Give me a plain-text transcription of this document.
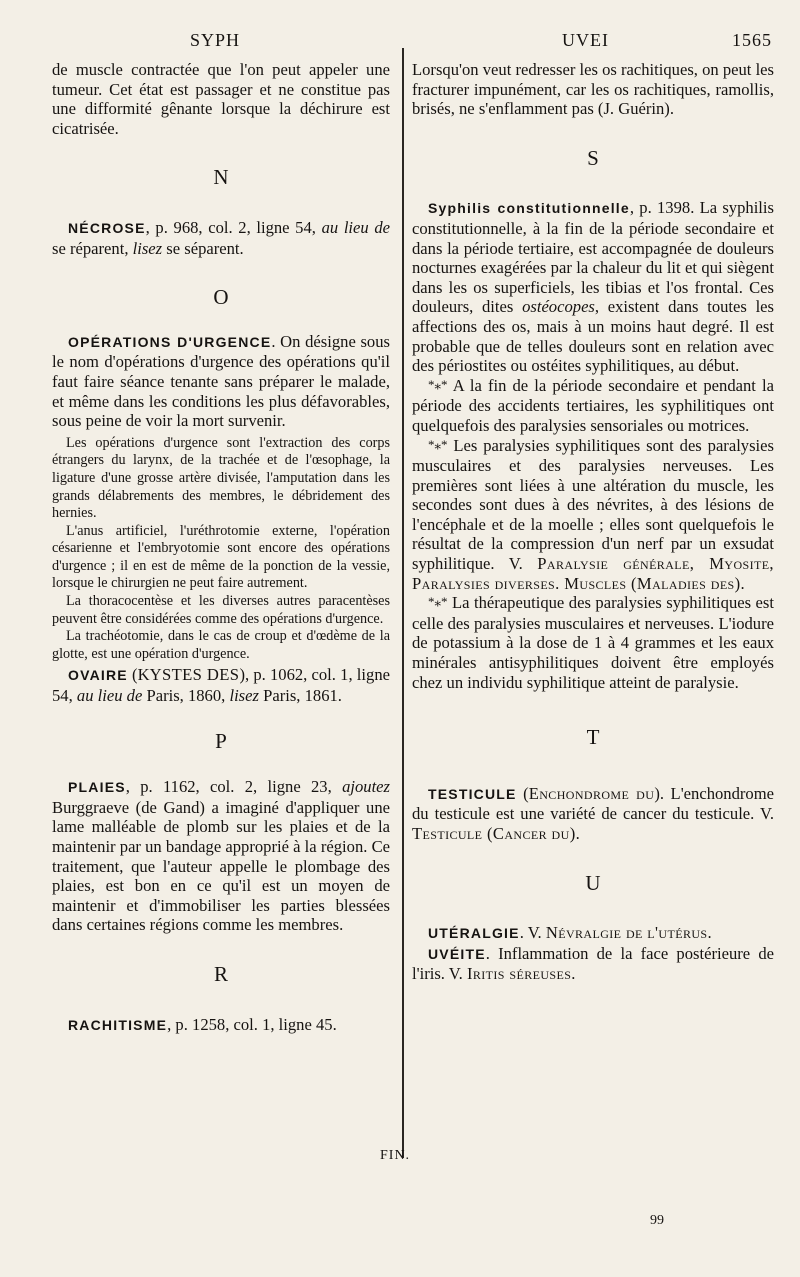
SYPH	UVEI	1565

de muscle contractée que l'on peut appeler une tumeur. Cet état est passager et ne constitue pas une difformité gênante lorsque la déchirure est cicatrisée.

N

NÉCROSE, p. 968, col. 2, ligne 54, au lieu de se réparent, lisez se séparent.

O

OPÉRATIONS D'URGENCE. On désigne sous le nom d'opérations d'urgence des opérations qu'il faut faire séance tenante sans préparer le malade, et même dans les conditions les plus défavorables, sous peine de voir la mort survenir.

Les opérations d'urgence sont l'extraction des corps étrangers du larynx, de la trachée et de l'œsophage, la ligature d'une grosse artère divisée, l'amputation dans les grands délabrements des membres, le débridement des hernies.

L'anus artificiel, l'uréthrotomie externe, l'opération césarienne et l'embryotomie sont encore des opérations d'urgence ; il en est de même de la ponction de la vessie, lorsque le chirurgien ne peut faire autrement.

La thoracocentèse et les diverses autres paracentèses peuvent être considérées comme des opérations d'urgence.

La trachéotomie, dans le cas de croup et d'œdème de la glotte, est une opération d'urgence.

OVAIRE (KYSTES DES), p. 1062, col. 1, ligne 54, au lieu de Paris, 1860, lisez Paris, 1861.

P

PLAIES, p. 1162, col. 2, ligne 23, ajoutez Burggraeve (de Gand) a imaginé d'appliquer une lame malléable de plomb sur les plaies et de la maintenir par un bandage approprié à la région. Ce traitement, que l'auteur appelle le plombage des plaies, est bon en ce qu'il est un moyen de maintenir et d'immobiliser les parties blessées dans certaines régions comme les membres.

R

RACHITISME, p. 1258, col. 1, ligne 45.

Lorsqu'on veut redresser les os rachitiques, on peut les fracturer impunément, car les os rachitiques, ramollis, brisés, ne s'enflamment pas (J. Guérin).

S

Syphilis constitutionnelle, p. 1398. La syphilis constitutionnelle, à la fin de la période secondaire et dans la période tertiaire, est accompagnée de douleurs nocturnes exagérées par la chaleur du lit et qui siègent dans les os superficiels, les tibias et l'os frontal. Ces douleurs, dites ostéocopes, existent dans toutes les affections des os, mais à un moins haut degré. Il est probable que de telles douleurs sont en relation avec des périostites ou ostéites syphilitiques, au début.

*⁎* A la fin de la période secondaire et pendant la période des accidents tertiaires, les syphilitiques ont quelquefois des paralysies sensoriales ou motrices.

*⁎* Les paralysies syphilitiques sont des paralysies musculaires et des paralysies nerveuses. Les premières sont liées à une altération du muscle, les secondes sont dues à des névrites, à des lésions de l'encéphale et de la moelle ; elles sont quelquefois le résultat de la compression d'un nerf par un exsudat syphilitique. V. Paralysie générale, Myosite, Paralysies diverses. Muscles (Maladies des).

*⁎* La thérapeutique des paralysies syphilitiques est celle des paralysies musculaires et nerveuses. L'iodure de potassium à la dose de 1 à 4 grammes et les eaux minérales antisyphilitiques doivent être employés chez un individu syphilitique atteint de paralysie.

T

TESTICULE (Enchondrome du). L'enchondrome du testicule est une variété de cancer du testicule. V. Testicule (Cancer du).

U

UTÉRALGIE. V. Névralgie de l'utérus.

UVÉITE. Inflammation de la face postérieure de l'iris. V. Iritis séreuses.

FIN.
99
